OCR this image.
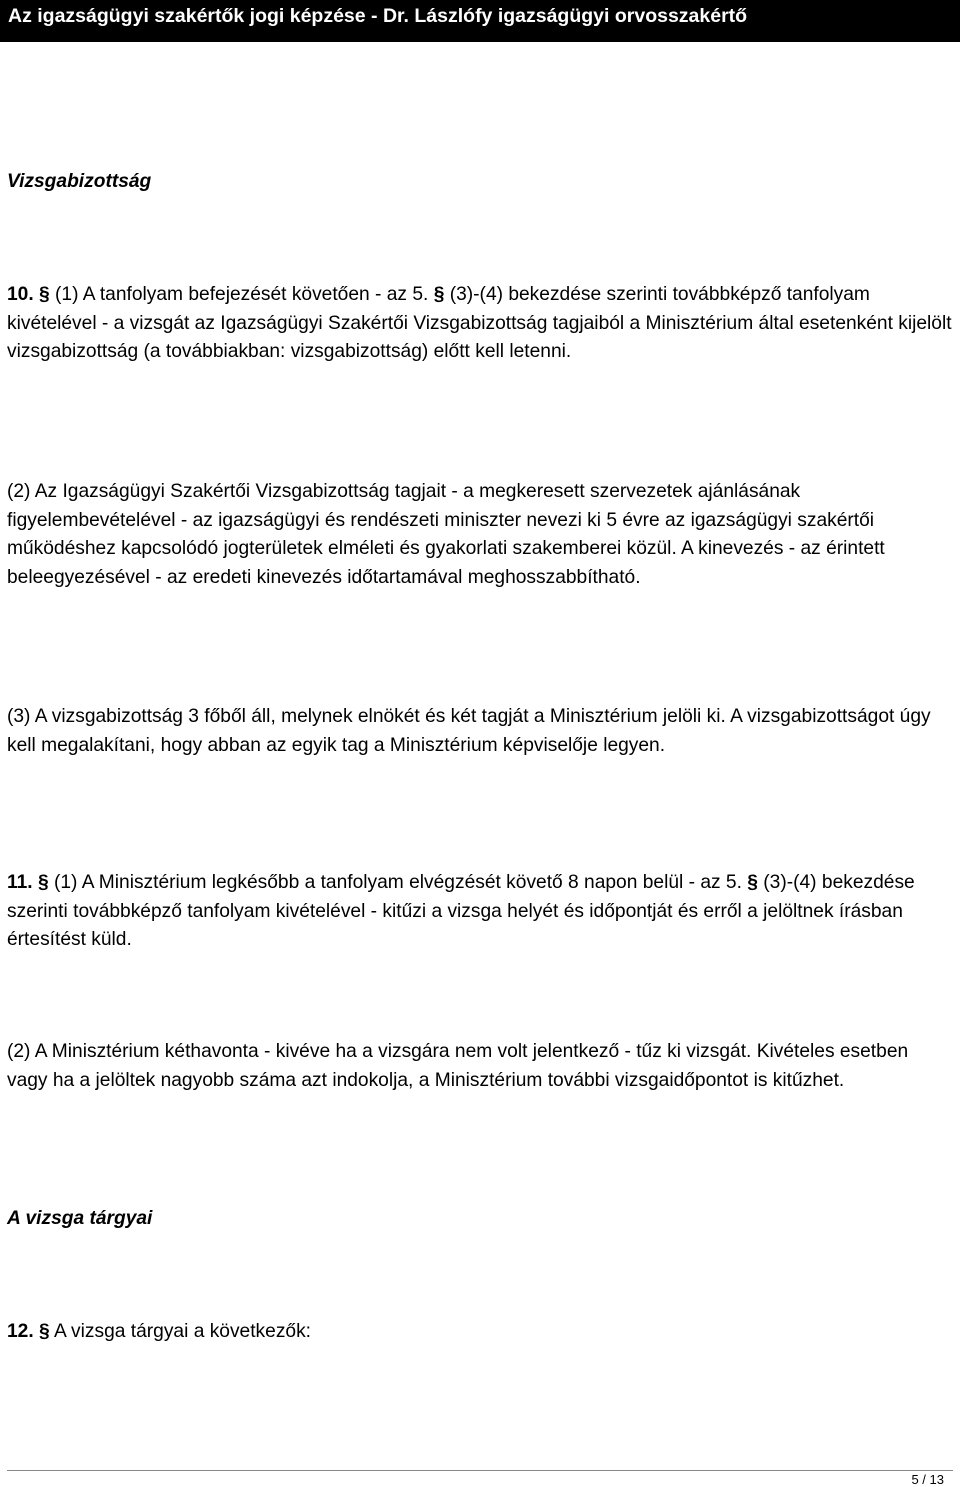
Az igazságügyi szakértők jogi képzése - Dr. Lászlófy igazságügyi orvosszakértő
Vizsgabizottság
10. § (1) A tanfolyam befejezését követően - az 5. § (3)-(4) bekezdése szerinti továbbképző tanfolyam kivételével - a vizsgát az Igazságügyi Szakértői Vizsgabizottság tagjaiból a Minisztérium által esetenként kijelölt vizsgabizottság (a továbbiakban: vizsgabizottság) előtt kell letenni.
(2) Az Igazságügyi Szakértői Vizsgabizottság tagjait - a megkeresett szervezetek ajánlásának figyelembevételével - az igazságügyi és rendészeti miniszter nevezi ki 5 évre az igazságügyi szakértői működéshez kapcsolódó jogterületek elméleti és gyakorlati szakemberei közül. A kinevezés - az érintett beleegyezésével - az eredeti kinevezés időtartamával meghosszabbítható.
(3) A vizsgabizottság 3 főből áll, melynek elnökét és két tagját a Minisztérium jelöli ki. A vizsgabizottságot úgy kell megalakítani, hogy abban az egyik tag a Minisztérium képviselője legyen.
11. § (1) A Minisztérium legkésőbb a tanfolyam elvégzését követő 8 napon belül - az 5. § (3)-(4) bekezdése szerinti továbbképző tanfolyam kivételével - kitűzi a vizsga helyét és időpontját és erről a jelöltnek írásban értesítést küld.
(2) A Minisztérium kéthavonta - kivéve ha a vizsgára nem volt jelentkező - tűz ki vizsgát. Kivételes esetben vagy ha a jelöltek nagyobb száma azt indokolja, a Minisztérium további vizsgaidőpontot is kitűzhet.
A vizsga tárgyai
12. § A vizsga tárgyai a következők:
5 / 13
